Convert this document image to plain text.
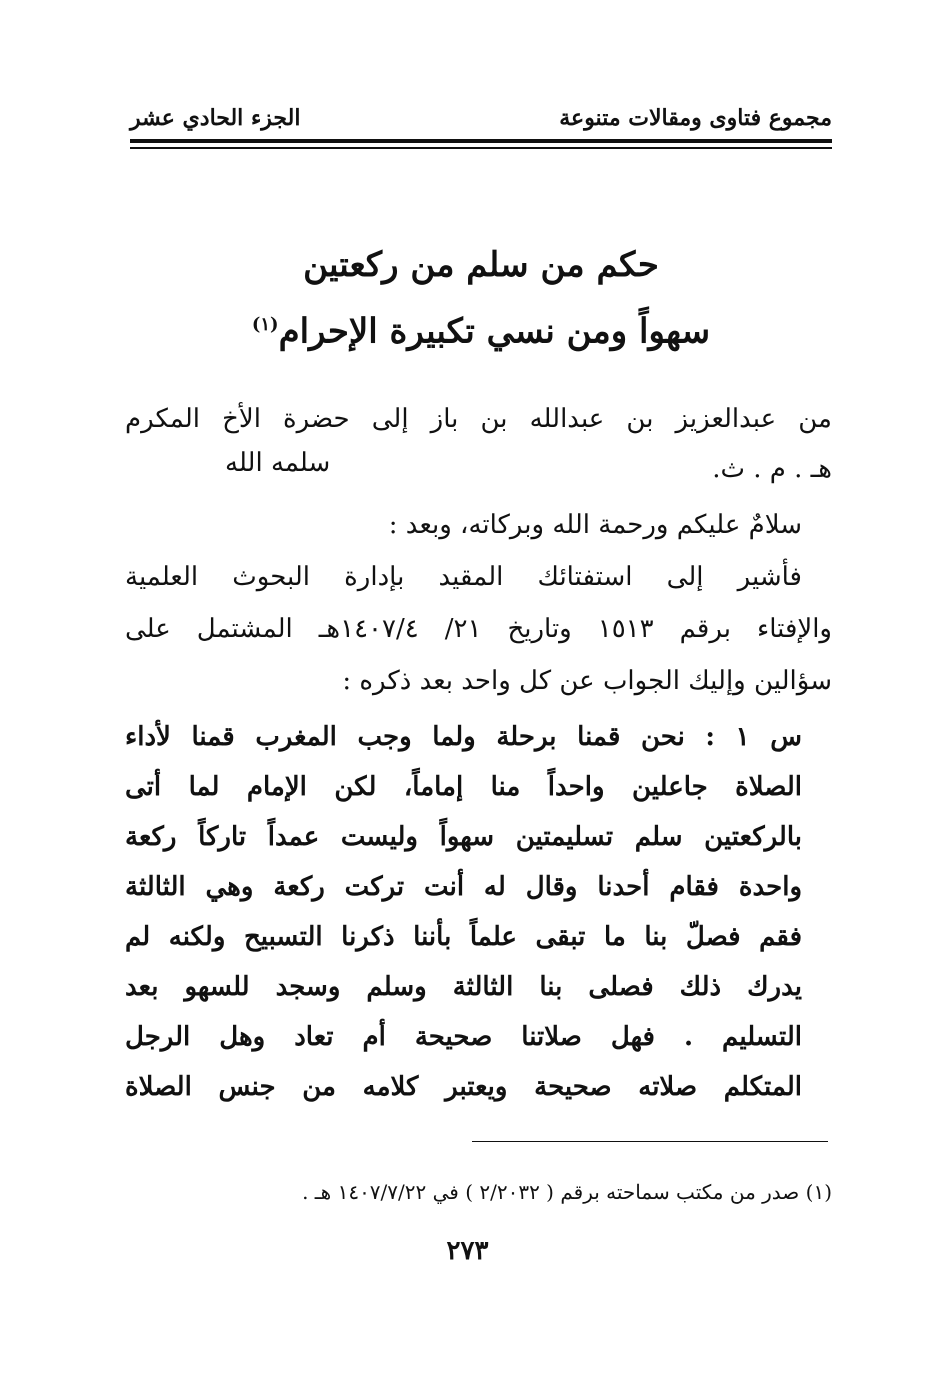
مجموع فتاوى ومقالات متنوعة
الجزء الحادي عشر
حكم من سلم من ركعتين
سهواً ومن نسي تكبيرة الإحرام$^{(١)}$
من عبدالعزيز بن عبدالله بن باز إلى حضرة الأخ المكرم
هـ . م . ث.
سلمه الله
سلامٌ عليكم ورحمة الله وبركاته، وبعد :
فأشير إلى استفتائك المقيد بإدارة البحوث العلمية
والإفتاء برقم ١٥١٣ وتاريخ ٢١/ ١٤٠٧/٤هـ المشتمل على
سؤالين وإليك الجواب عن كل واحد بعد ذكره :
س ١ : نحن قمنا برحلة ولما وجب المغرب قمنا لأداء
الصلاة جاعلين واحداً منا إماماً، لكن الإمام لما أتى
بالركعتين سلم تسليمتين سهواً وليست عمداً تاركاً ركعة
واحدة فقام أحدنا وقال له أنت تركت ركعة وهي الثالثة
فقم فصلّ بنا ما تبقى علماً بأننا ذكرنا التسبيح ولكنه لم
يدرك ذلك فصلى بنا الثالثة وسلم وسجد للسهو بعد
التسليم . فهل صلاتنا صحيحة أم تعاد وهل الرجل
المتكلم صلاته صحيحة ويعتبر كلامه من جنس الصلاة
(١) صدر من مكتب سماحته برقم ( ٢/٢٠٣٢ ) في ١٤٠٧/٧/٢٢ هـ .
٢٧٣
